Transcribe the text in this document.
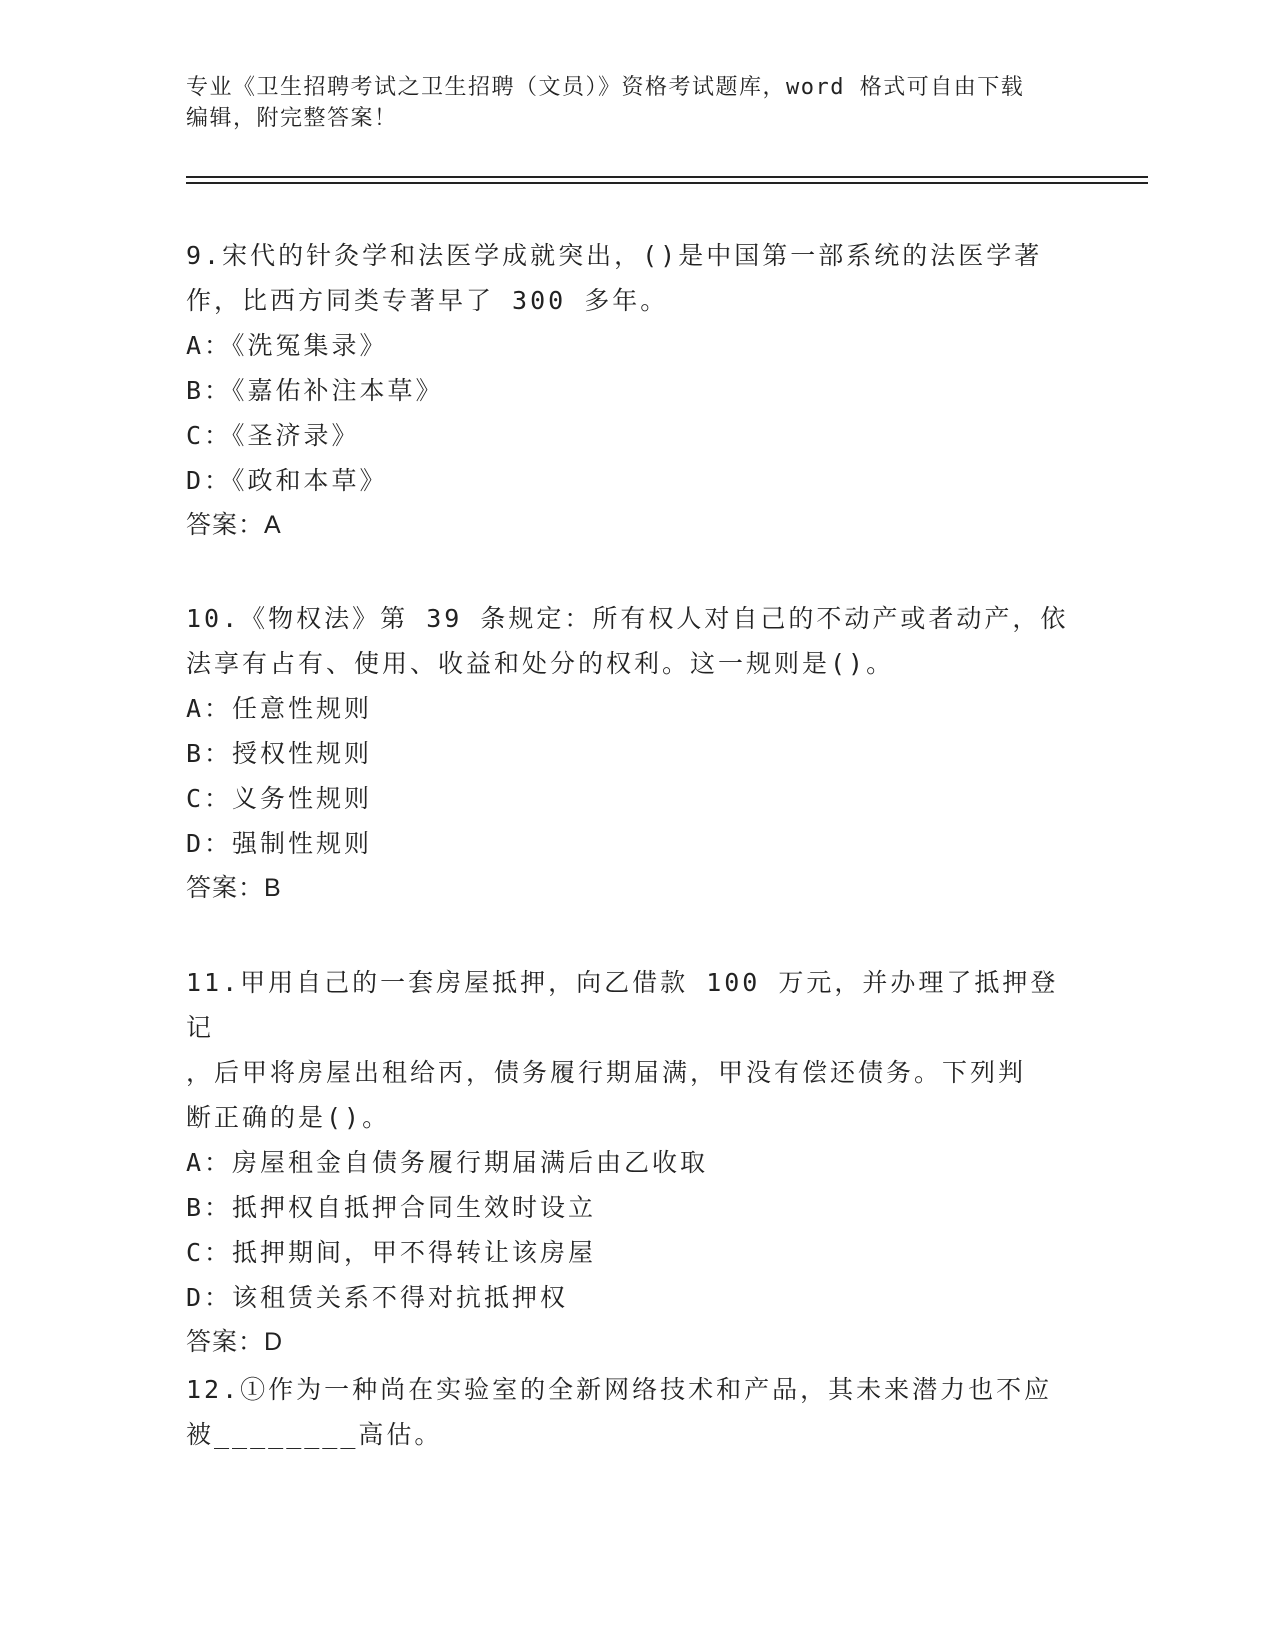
专业《卫生招聘考试之卫生招聘（文员）》资格考试题库，word 格式可自由下载
编辑，附完整答案！

9.宋代的针灸学和法医学成就突出，()是中国第一部系统的法医学著

作，比西方同类专著早了 300 多年。

A：《洗冤集录》

B：《嘉佑补注本草》

C：《圣济录》

D：《政和本草》

答案：A

10.《物权法》第 39 条规定：所有权人对自己的不动产或者动产，依

法享有占有、使用、收益和处分的权利。这一规则是()。

A：任意性规则

B：授权性规则

C：义务性规则

D：强制性规则

答案：B

11.甲用自己的一套房屋抵押，向乙借款 100 万元，并办理了抵押登记

，后甲将房屋出租给丙，债务履行期届满，甲没有偿还债务。下列判

断正确的是()。

A：房屋租金自债务履行期届满后由乙收取

B：抵押权自抵押合同生效时设立

C：抵押期间，甲不得转让该房屋

D：该租赁关系不得对抗抵押权

答案：D

12.①作为一种尚在实验室的全新网络技术和产品，其未来潜力也不应

被________高估。
